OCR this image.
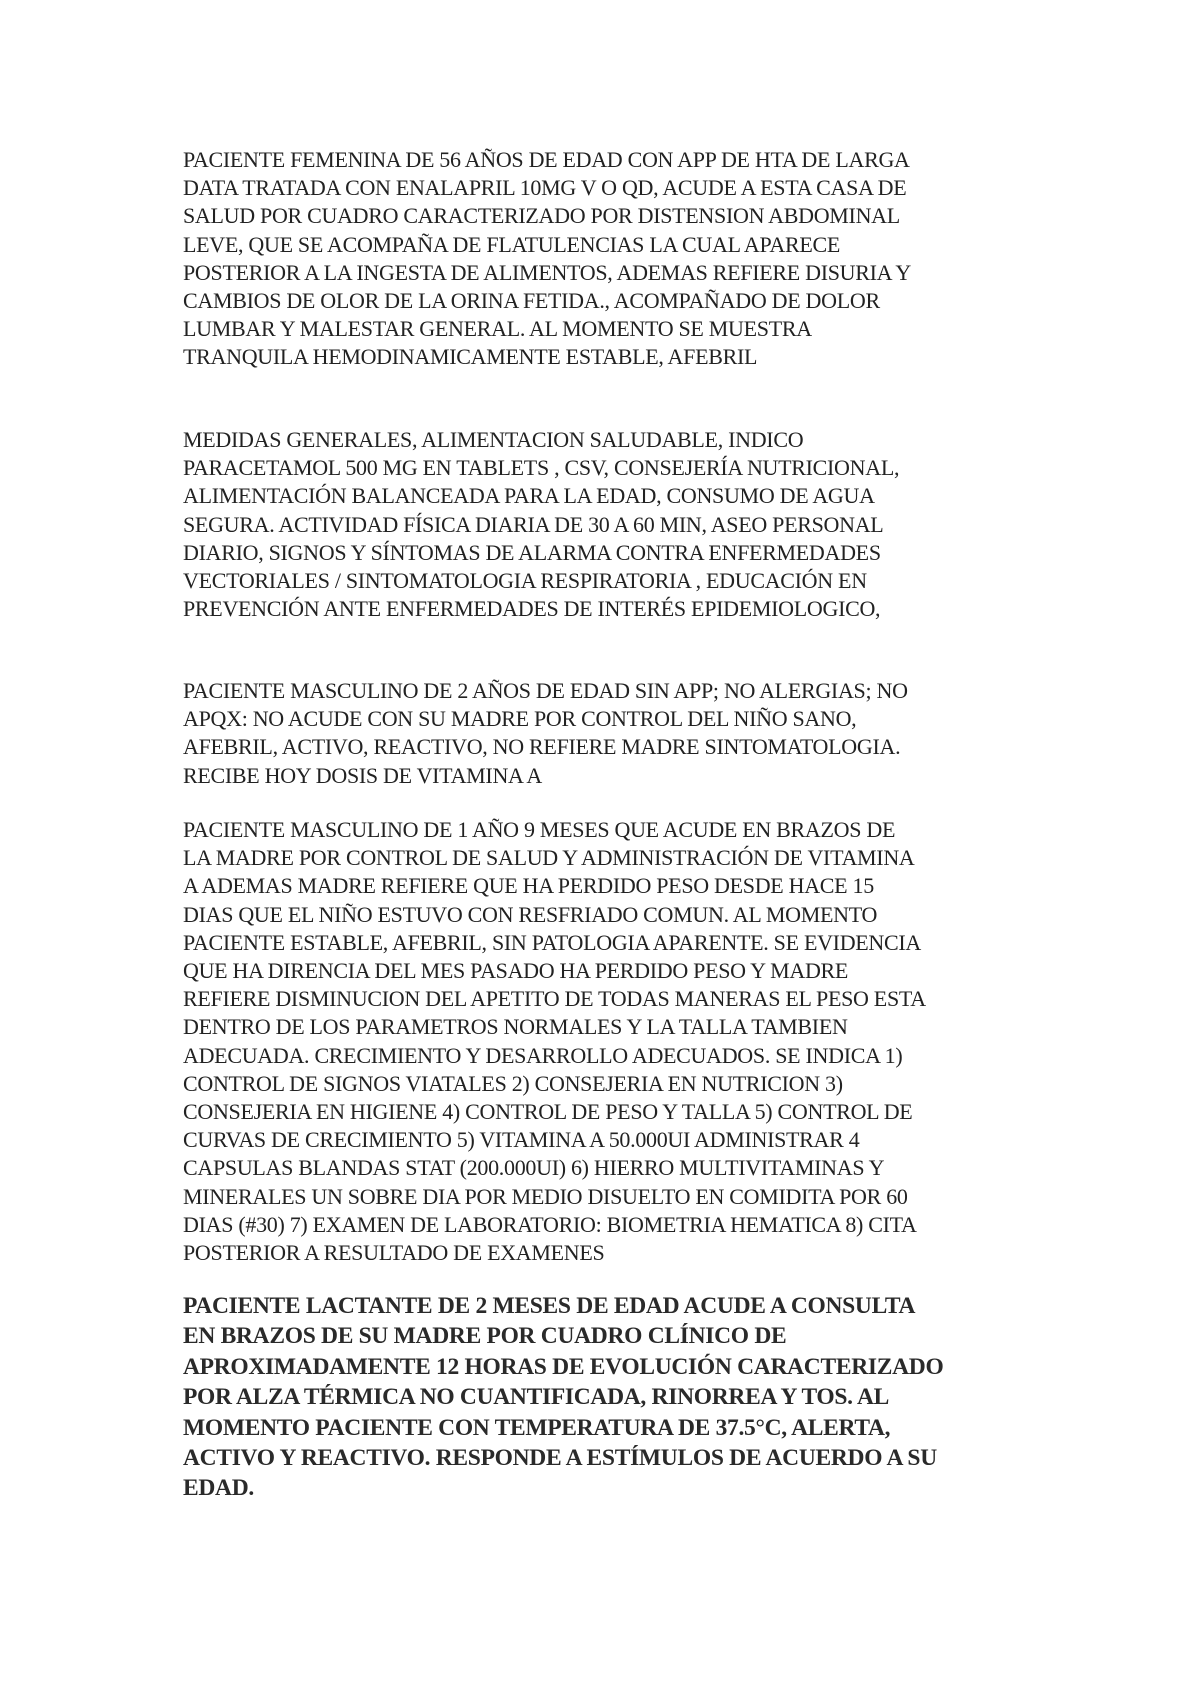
PACIENTE FEMENINA DE 56 AÑOS DE EDAD CON APP DE HTA DE LARGA
DATA TRATADA CON ENALAPRIL 10MG V O QD, ACUDE A ESTA CASA DE
SALUD POR CUADRO CARACTERIZADO POR DISTENSION ABDOMINAL
LEVE, QUE SE ACOMPAÑA DE FLATULENCIAS LA CUAL APARECE
POSTERIOR A LA INGESTA DE ALIMENTOS, ADEMAS REFIERE DISURIA Y
CAMBIOS DE OLOR DE LA ORINA FETIDA., ACOMPAÑADO DE DOLOR
LUMBAR Y MALESTAR GENERAL. AL MOMENTO SE MUESTRA
TRANQUILA HEMODINAMICAMENTE ESTABLE, AFEBRIL
MEDIDAS GENERALES, ALIMENTACION SALUDABLE, INDICO
PARACETAMOL 500 MG EN TABLETS , CSV, CONSEJERÍA NUTRICIONAL,
ALIMENTACIÓN BALANCEADA PARA LA EDAD, CONSUMO DE AGUA
SEGURA. ACTIVIDAD FÍSICA DIARIA DE 30 A 60 MIN, ASEO PERSONAL
DIARIO, SIGNOS Y SÍNTOMAS DE ALARMA CONTRA ENFERMEDADES
VECTORIALES / SINTOMATOLOGIA RESPIRATORIA , EDUCACIÓN EN
PREVENCIÓN ANTE ENFERMEDADES DE INTERÉS EPIDEMIOLOGICO,
PACIENTE MASCULINO DE 2 AÑOS DE EDAD SIN APP; NO ALERGIAS; NO
APQX: NO ACUDE CON SU MADRE POR CONTROL DEL NIÑO SANO,
AFEBRIL, ACTIVO, REACTIVO, NO REFIERE MADRE SINTOMATOLOGIA.
RECIBE HOY DOSIS DE VITAMINA A
PACIENTE MASCULINO DE 1 AÑO 9 MESES QUE ACUDE EN BRAZOS DE
LA MADRE POR CONTROL DE SALUD Y ADMINISTRACIÓN DE VITAMINA
A ADEMAS MADRE REFIERE QUE HA PERDIDO PESO DESDE HACE 15
DIAS QUE EL NIÑO ESTUVO CON RESFRIADO COMUN. AL MOMENTO
PACIENTE ESTABLE, AFEBRIL, SIN PATOLOGIA APARENTE. SE EVIDENCIA
QUE HA DIRENCIA DEL MES PASADO HA PERDIDO PESO Y MADRE
REFIERE DISMINUCION DEL APETITO DE TODAS MANERAS EL PESO ESTA
DENTRO DE LOS PARAMETROS NORMALES Y LA TALLA TAMBIEN
ADECUADA. CRECIMIENTO Y DESARROLLO ADECUADOS. SE INDICA 1)
CONTROL DE SIGNOS VIATALES 2) CONSEJERIA EN NUTRICION 3)
CONSEJERIA EN HIGIENE 4) CONTROL DE PESO Y TALLA 5) CONTROL DE
CURVAS DE CRECIMIENTO 5) VITAMINA A 50.000UI ADMINISTRAR 4
CAPSULAS BLANDAS STAT (200.000UI) 6) HIERRO MULTIVITAMINAS Y
MINERALES UN SOBRE DIA POR MEDIO DISUELTO EN COMIDITA POR 60
DIAS (#30) 7) EXAMEN DE LABORATORIO: BIOMETRIA HEMATICA 8) CITA
POSTERIOR A RESULTADO DE EXAMENES
PACIENTE LACTANTE DE 2 MESES DE EDAD ACUDE A CONSULTA
EN BRAZOS DE SU MADRE POR CUADRO CLÍNICO DE
APROXIMADAMENTE 12 HORAS DE EVOLUCIÓN CARACTERIZADO
POR ALZA TÉRMICA NO CUANTIFICADA, RINORREA Y TOS. AL
MOMENTO PACIENTE CON TEMPERATURA DE 37.5°C, ALERTA,
ACTIVO Y REACTIVO. RESPONDE A ESTÍMULOS DE ACUERDO A SU
EDAD.
